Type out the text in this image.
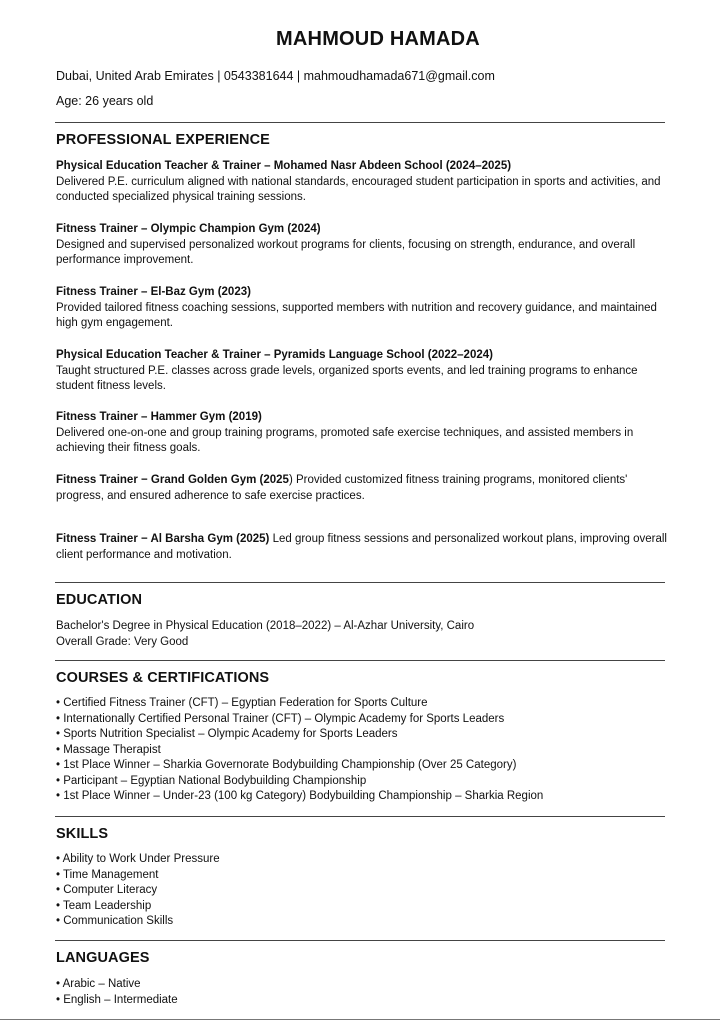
MAHMOUD HAMADA
Dubai, United Arab Emirates | 0543381644 | mahmoudhamada671@gmail.com
Age: 26 years old
PROFESSIONAL EXPERIENCE
Physical Education Teacher & Trainer – Mohamed Nasr Abdeen School (2024–2025)
Delivered P.E. curriculum aligned with national standards, encouraged student participation in sports and activities, and conducted specialized physical training sessions.
Fitness Trainer – Olympic Champion Gym (2024)
Designed and supervised personalized workout programs for clients, focusing on strength, endurance, and overall performance improvement.
Fitness Trainer – El-Baz Gym (2023)
Provided tailored fitness coaching sessions, supported members with nutrition and recovery guidance, and maintained high gym engagement.
Physical Education Teacher & Trainer – Pyramids Language School (2022–2024)
Taught structured P.E. classes across grade levels, organized sports events, and led training programs to enhance student fitness levels.
Fitness Trainer – Hammer Gym (2019)
Delivered one-on-one and group training programs, promoted safe exercise techniques, and assisted members in achieving their fitness goals.
Fitness Trainer − Grand Golden Gym (2025) Provided customized fitness training programs, monitored clients' progress, and ensured adherence to safe exercise practices.
Fitness Trainer − Al Barsha Gym (2025) Led group fitness sessions and personalized workout plans, improving overall client performance and motivation.
EDUCATION
Bachelor's Degree in Physical Education (2018–2022) – Al-Azhar University, Cairo
Overall Grade: Very Good
COURSES & CERTIFICATIONS
• Certified Fitness Trainer (CFT) – Egyptian Federation for Sports Culture
• Internationally Certified Personal Trainer (CFT) – Olympic Academy for Sports Leaders
• Sports Nutrition Specialist – Olympic Academy for Sports Leaders
• Massage Therapist
• 1st Place Winner – Sharkia Governorate Bodybuilding Championship (Over 25 Category)
• Participant – Egyptian National Bodybuilding Championship
• 1st Place Winner – Under-23 (100 kg Category) Bodybuilding Championship – Sharkia Region
SKILLS
• Ability to Work Under Pressure
• Time Management
• Computer Literacy
• Team Leadership
• Communication Skills
LANGUAGES
• Arabic – Native
• English – Intermediate
